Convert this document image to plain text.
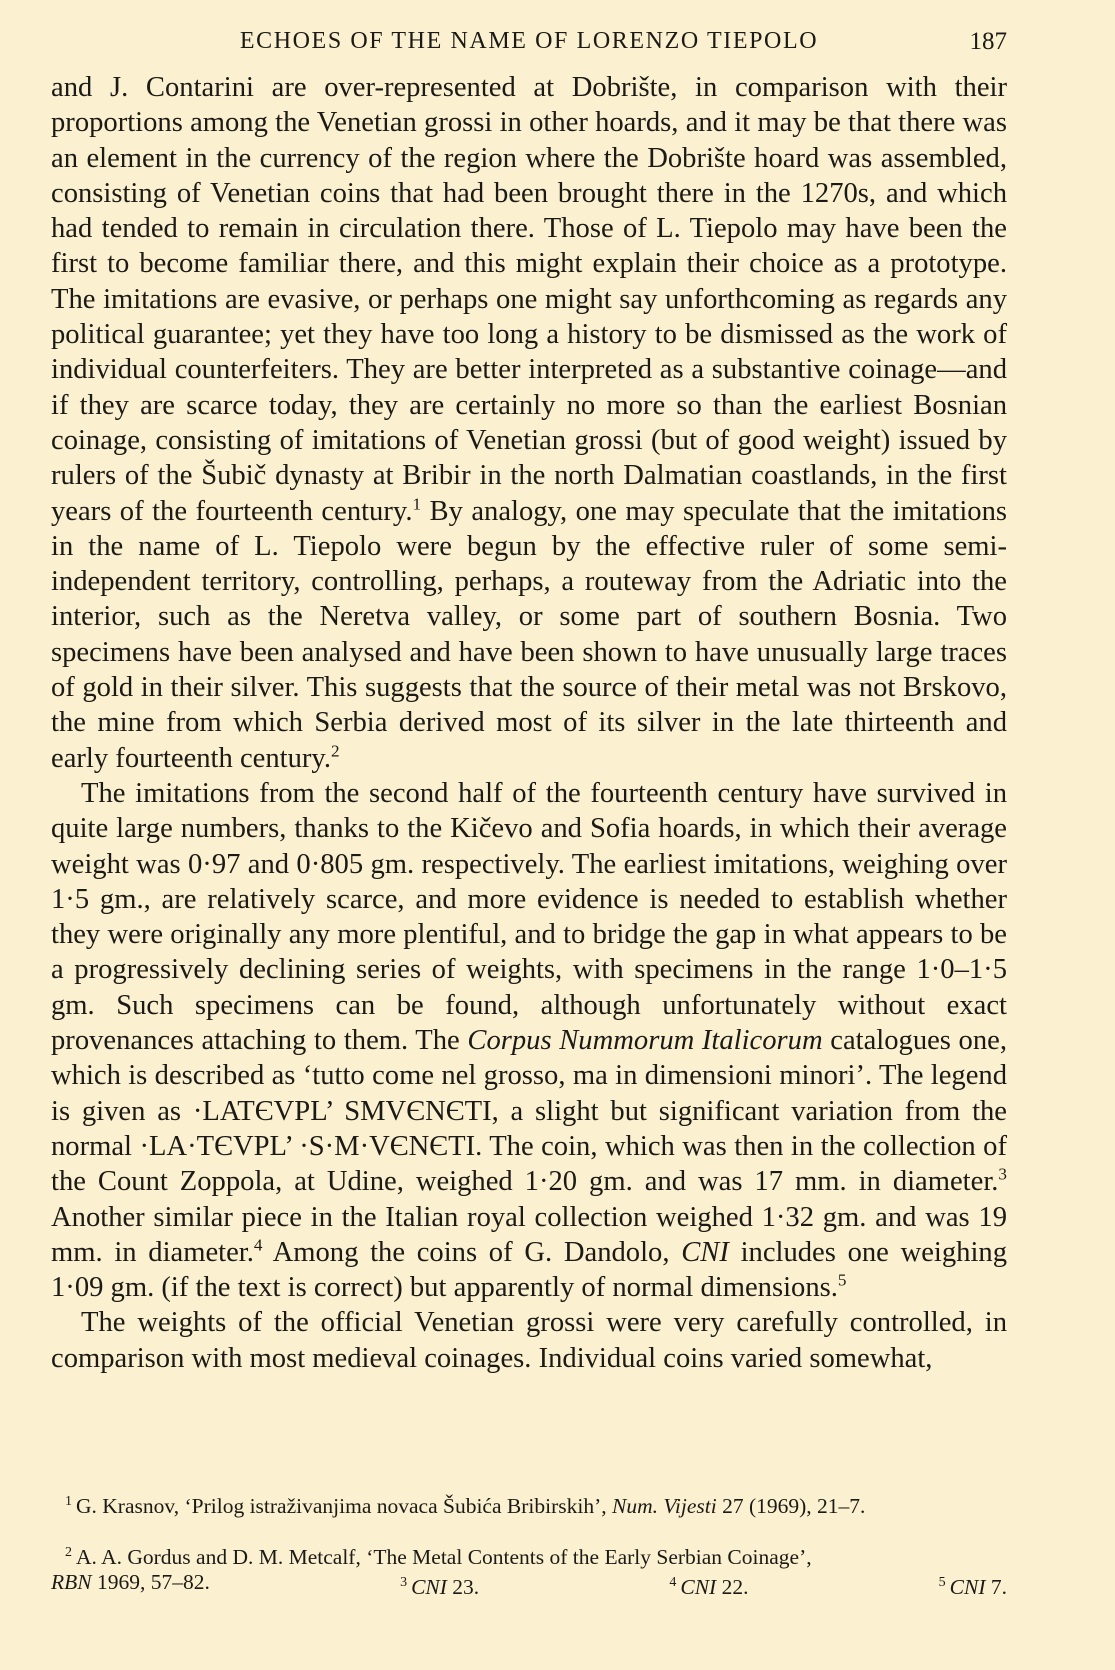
ECHOES OF THE NAME OF LORENZO TIEPOLO	187

and J. Contarini are over-represented at Dobrište, in comparison with their proportions among the Venetian grossi in other hoards, and it may be that there was an element in the currency of the region where the Dobrište hoard was assembled, consisting of Venetian coins that had been brought there in the 1270s, and which had tended to remain in circulation there. Those of L. Tiepolo may have been the first to become familiar there, and this might explain their choice as a prototype. The imitations are evasive, or perhaps one might say unforthcoming as regards any political guarantee; yet they have too long a history to be dismissed as the work of individual counterfeiters. They are better interpreted as a substantive coinage—and if they are scarce today, they are certainly no more so than the earliest Bosnian coinage, consisting of imitations of Venetian grossi (but of good weight) issued by rulers of the Šubič dynasty at Bribir in the north Dalmatian coastlands, in the first years of the fourteenth century.$^1$ By analogy, one may speculate that the imitations in the name of L. Tiepolo were begun by the effective ruler of some semi-independent territory, controlling, perhaps, a routeway from the Adriatic into the interior, such as the Neretva valley, or some part of southern Bosnia. Two specimens have been analysed and have been shown to have unusually large traces of gold in their silver. This suggests that the source of their metal was not Brskovo, the mine from which Serbia derived most of its silver in the late thirteenth and early fourteenth century.$^2$

The imitations from the second half of the fourteenth century have survived in quite large numbers, thanks to the Kičevo and Sofia hoards, in which their average weight was 0·97 and 0·805 gm. respectively. The earliest imitations, weighing over 1·5 gm., are relatively scarce, and more evidence is needed to establish whether they were originally any more plentiful, and to bridge the gap in what appears to be a progressively declining series of weights, with specimens in the range 1·0–1·5 gm. Such specimens can be found, although unfortunately without exact provenances attaching to them. The Corpus Nummorum Italicorum catalogues one, which is described as ‘tutto come nel grosso, ma in dimensioni minori’. The legend is given as ·LATЄVPL’ SMVЄNЄTI, a slight but significant variation from the normal ·LA·TЄVPL’ ·S·M·VЄNЄTI. The coin, which was then in the collection of the Count Zoppola, at Udine, weighed 1·20 gm. and was 17 mm. in diameter.$^3$ Another similar piece in the Italian royal collection weighed 1·32 gm. and was 19 mm. in diameter.$^4$ Among the coins of G. Dandolo, CNI includes one weighing 1·09 gm. (if the text is correct) but apparently of normal dimensions.$^5$

The weights of the official Venetian grossi were very carefully controlled, in comparison with most medieval coinages. Individual coins varied somewhat,

$^1$ G. Krasnov, ‘Prilog istraživanjima novaca Šubića Bribirskih’, Num. Vijesti 27 (1969), 21–7.
$^2$ A. A. Gordus and D. M. Metcalf, ‘The Metal Contents of the Early Serbian Coinage’,
RBN 1969, 57–82.	$^3$ CNI 23.	$^4$ CNI 22.	$^5$ CNI 7.
